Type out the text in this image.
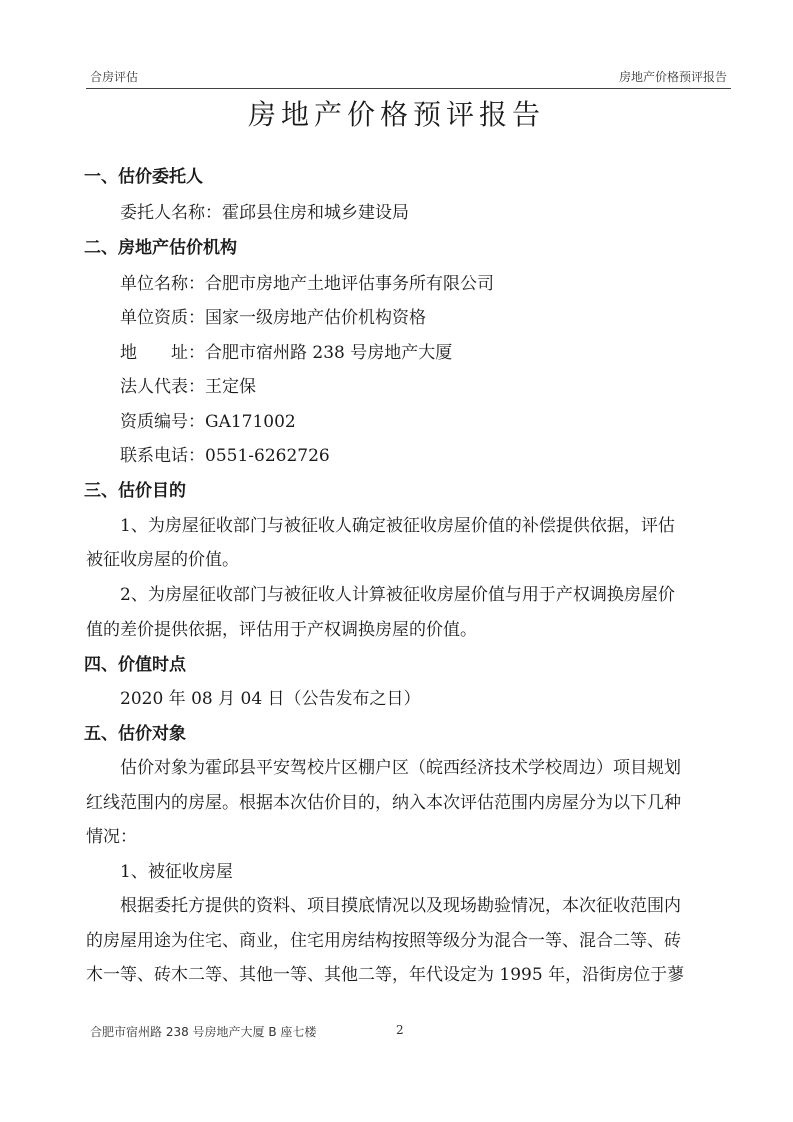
合房评估	房地产价格预评报告
房地产价格预评报告
一、估价委托人
委托人名称：霍邱县住房和城乡建设局
二、房地产估价机构
单位名称：合肥市房地产土地评估事务所有限公司
单位资质：国家一级房地产估价机构资格
地　　址：合肥市宿州路 238 号房地产大厦
法人代表：王定保
资质编号：GA171002
联系电话：0551-6262726
三、估价目的
1、为房屋征收部门与被征收人确定被征收房屋价值的补偿提供依据，评估
被征收房屋的价值。
2、为房屋征收部门与被征收人计算被征收房屋价值与用于产权调换房屋价
值的差价提供依据，评估用于产权调换房屋的价值。
四、价值时点
2020 年 08 月 04 日（公告发布之日）
五、估价对象
估价对象为霍邱县平安驾校片区棚户区（皖西经济技术学校周边）项目规划
红线范围内的房屋。根据本次估价目的，纳入本次评估范围内房屋分为以下几种
情况：
1、被征收房屋
根据委托方提供的资料、项目摸底情况以及现场勘验情况，本次征收范围内
的房屋用途为住宅、商业，住宅用房结构按照等级分为混合一等、混合二等、砖
木一等、砖木二等、其他一等、其他二等，年代设定为 1995 年，沿街房位于蓼
合肥市宿州路 238 号房地产大厦 B 座七楼	2
